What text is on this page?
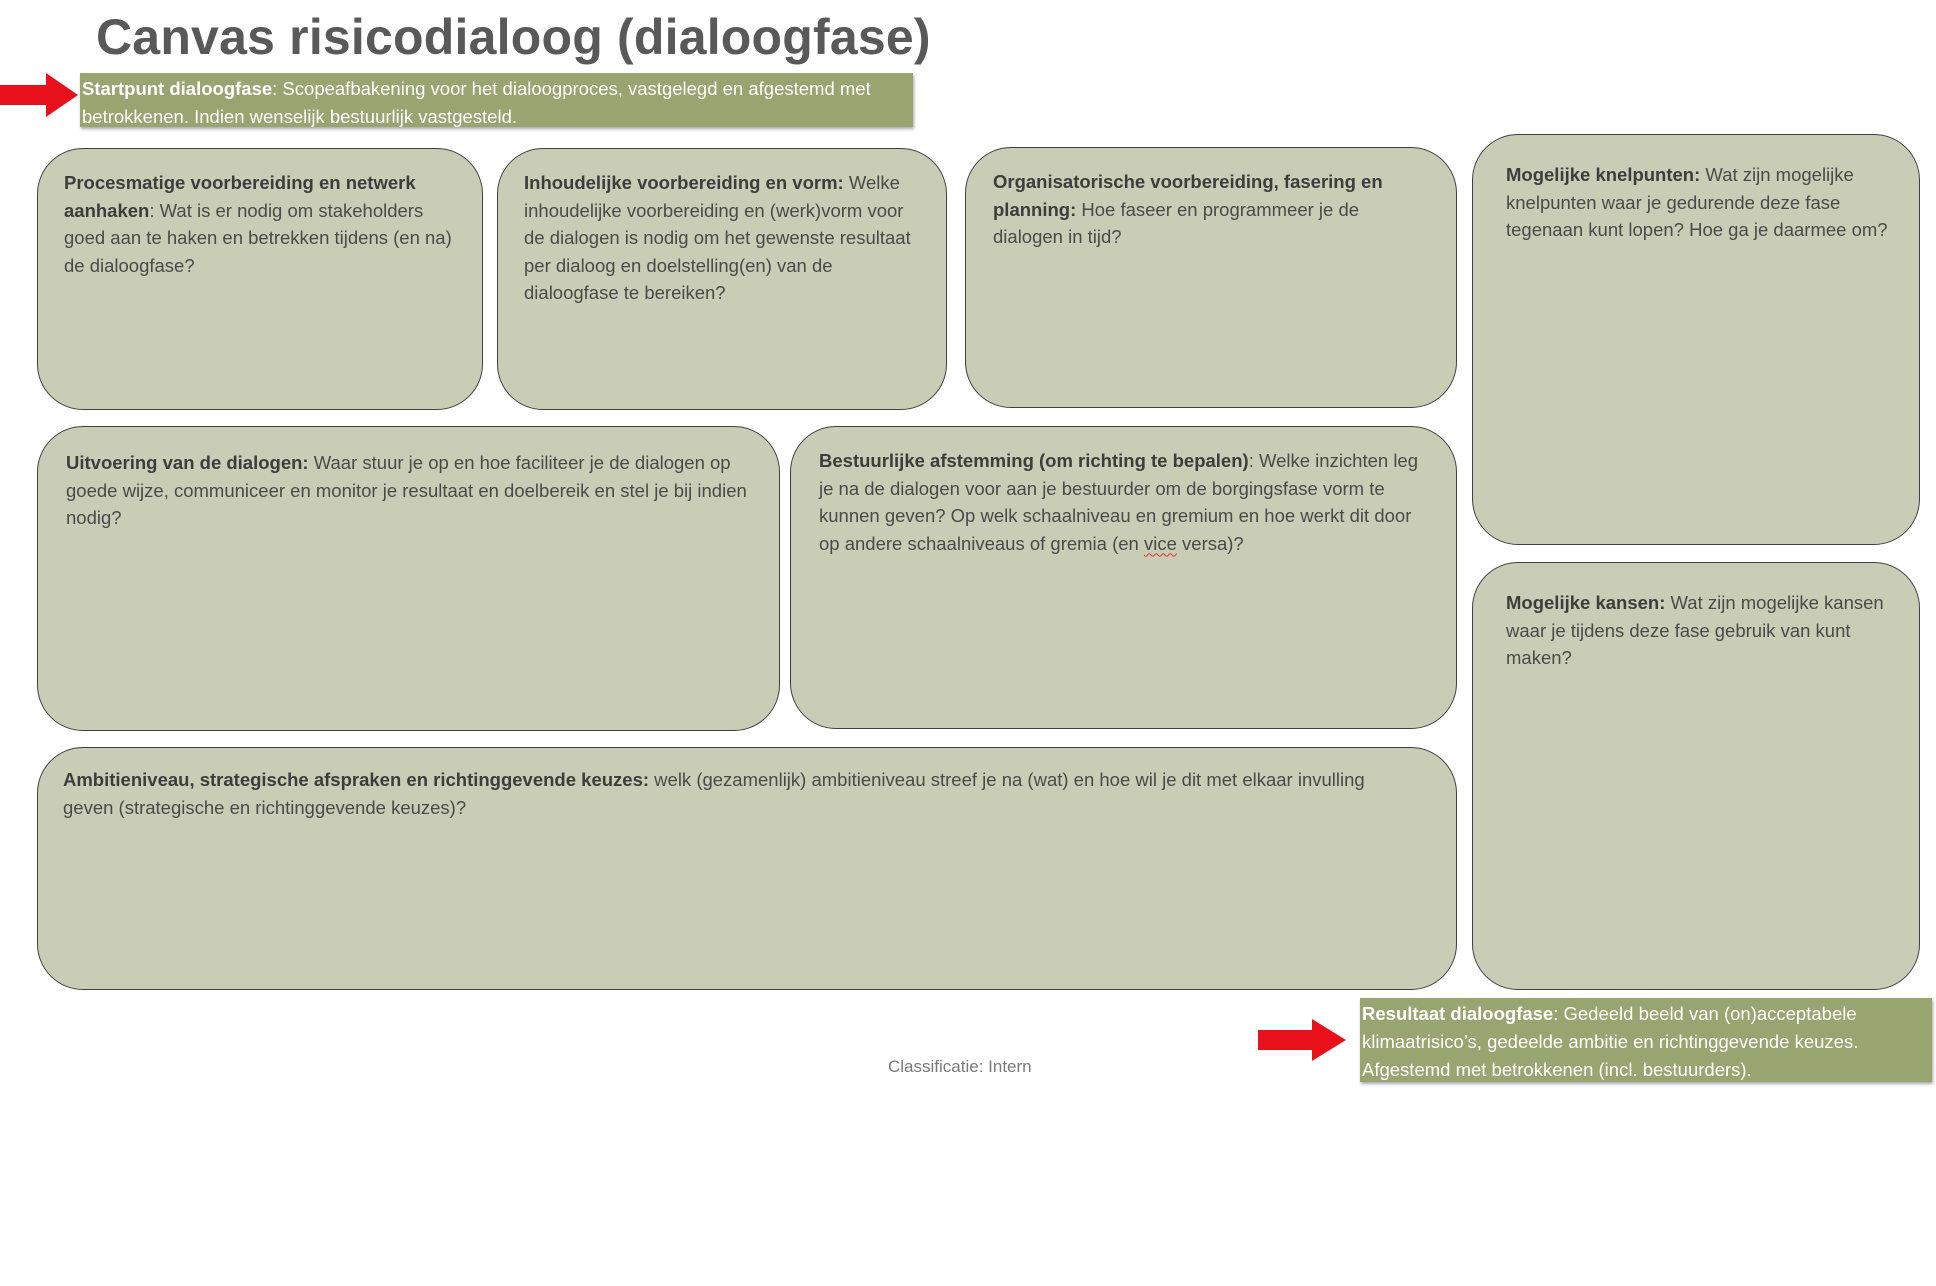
Canvas risicodialoog (dialoogfase)
Startpunt dialoogfase: Scopeafbakening voor het dialoogproces, vastgelegd en afgestemd met betrokkenen. Indien wenselijk bestuurlijk vastgesteld.
Procesmatige voorbereiding en netwerk aanhaken: Wat is er nodig om stakeholders goed aan te haken en betrekken tijdens (en na) de dialoogfase?
Inhoudelijke voorbereiding en vorm: Welke inhoudelijke voorbereiding en (werk)vorm voor de dialogen is nodig om het gewenste resultaat per dialoog en doelstelling(en) van de dialoogfase te bereiken?
Organisatorische voorbereiding, fasering en planning: Hoe faseer en programmeer je de dialogen in tijd?
Mogelijke knelpunten: Wat zijn mogelijke knelpunten waar je gedurende deze fase tegenaan kunt lopen? Hoe ga je daarmee om?
Uitvoering van de dialogen: Waar stuur je op en hoe faciliteer je de dialogen op goede wijze, communiceer en monitor je resultaat en doelbereik en stel je bij indien nodig?
Bestuurlijke afstemming (om richting te bepalen): Welke inzichten leg je na de dialogen voor aan je bestuurder om de borgingsfase vorm te kunnen geven? Op welk schaalniveau en gremium en hoe werkt dit door op andere schaalniveaus of gremia (en vice versa)?
Mogelijke kansen: Wat zijn mogelijke kansen waar je tijdens deze fase gebruik van kunt maken?
Ambitieniveau, strategische afspraken en richtinggevende keuzes: welk (gezamenlijk) ambitieniveau streef je na (wat) en hoe wil je dit met elkaar invulling geven (strategische en richtinggevende keuzes)?
Resultaat dialoogfase: Gedeeld beeld van (on)acceptabele klimaatrisico’s, gedeelde ambitie en richtinggevende keuzes. Afgestemd met betrokkenen (incl. bestuurders).
Classificatie: Intern
